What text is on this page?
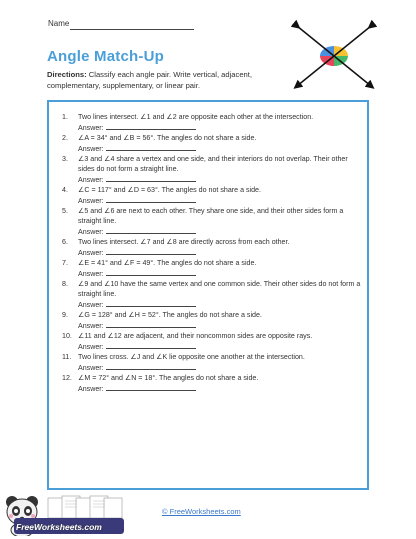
Name
Angle Match-Up
Directions: Classify each angle pair. Write vertical, adjacent, complementary, supplementary, or linear pair.
1.	Two lines intersect. ∠1 and ∠2 are opposite each other at the intersection.
Answer:
2.	∠A = 34° and ∠B = 56°. The angles do not share a side.
Answer:
3.	∠3 and ∠4 share a vertex and one side, and their interiors do not overlap. Their other sides do not form a straight line.
Answer:
4.	∠C = 117° and ∠D = 63°. The angles do not share a side.
Answer:
5.	∠5 and ∠6 are next to each other. They share one side, and their other sides form a straight line.
Answer:
6.	Two lines intersect. ∠7 and ∠8 are directly across from each other.
Answer:
7.	∠E = 41° and ∠F = 49°. The angles do not share a side.
Answer:
8.	∠9 and ∠10 have the same vertex and one common side. Their other sides do not form a straight line.
Answer:
9.	∠G = 128° and ∠H = 52°. The angles do not share a side.
Answer:
10. ∠11 and ∠12 are adjacent, and their noncommon sides are opposite rays.
Answer:
11. Two lines cross. ∠J and ∠K lie opposite one another at the intersection.
Answer:
12. ∠M = 72° and ∠N = 18°. The angles do not share a side.
Answer:
FreeWorksheets.com
© FreeWorksheets.com
